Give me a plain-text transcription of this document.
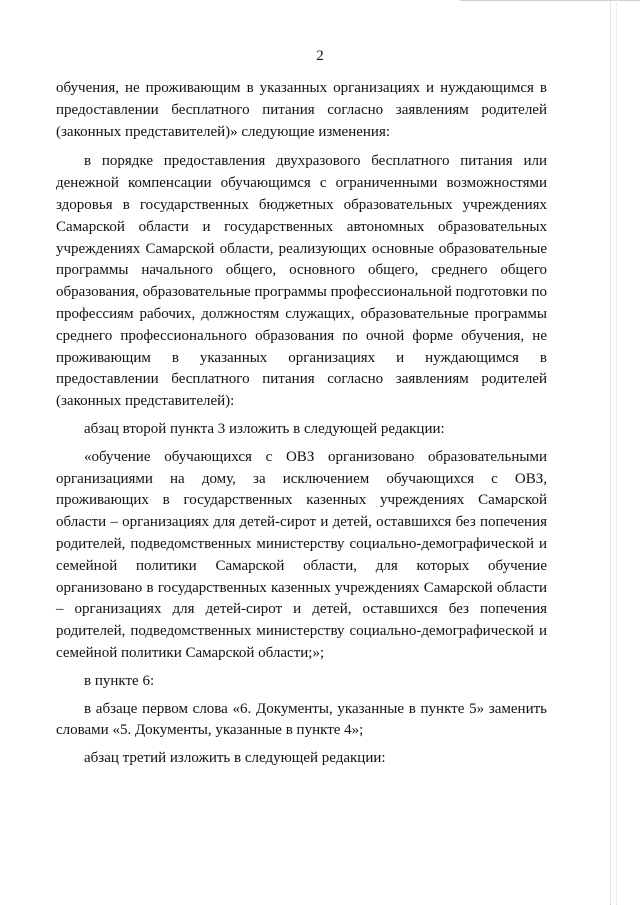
2

обучения, не проживающим в указанных организациях и нуждающимся в предоставлении бесплатного питания согласно заявлениям родителей (законных представителей)» следующие изменения:

в порядке предоставления двухразового бесплатного питания или денежной компенсации обучающимся с ограниченными возможностями здоровья в государственных бюджетных образовательных учреждениях Самарской области и государственных автономных образовательных учреждениях Самарской области, реализующих основные образовательные программы начального общего, основного общего, среднего общего образования, образовательные программы профессиональной подготовки по профессиям рабочих, должностям служащих, образовательные программы среднего профессионального образования по очной форме обучения, не проживающим в указанных организациях и нуждающимся в предоставлении бесплатного питания согласно заявлениям родителей (законных представителей):

абзац второй пункта 3 изложить в следующей редакции:

«обучение обучающихся с ОВЗ организовано образовательными организациями на дому, за исключением обучающихся с ОВЗ, проживающих в государственных казенных учреждениях Самарской области – организациях для детей-сирот и детей, оставшихся без попечения родителей, подведомственных министерству социально-демографической и семейной политики Самарской области, для которых обучение организовано в государственных казенных учреждениях Самарской области – организациях для детей-сирот и детей, оставшихся без попечения родителей, подведомственных министерству социально-демографической и семейной политики Самарской области;»;

в пункте 6:

в абзаце первом слова «6. Документы, указанные в пункте 5» заменить словами «5. Документы, указанные в пункте 4»;

абзац третий изложить в следующей редакции:
